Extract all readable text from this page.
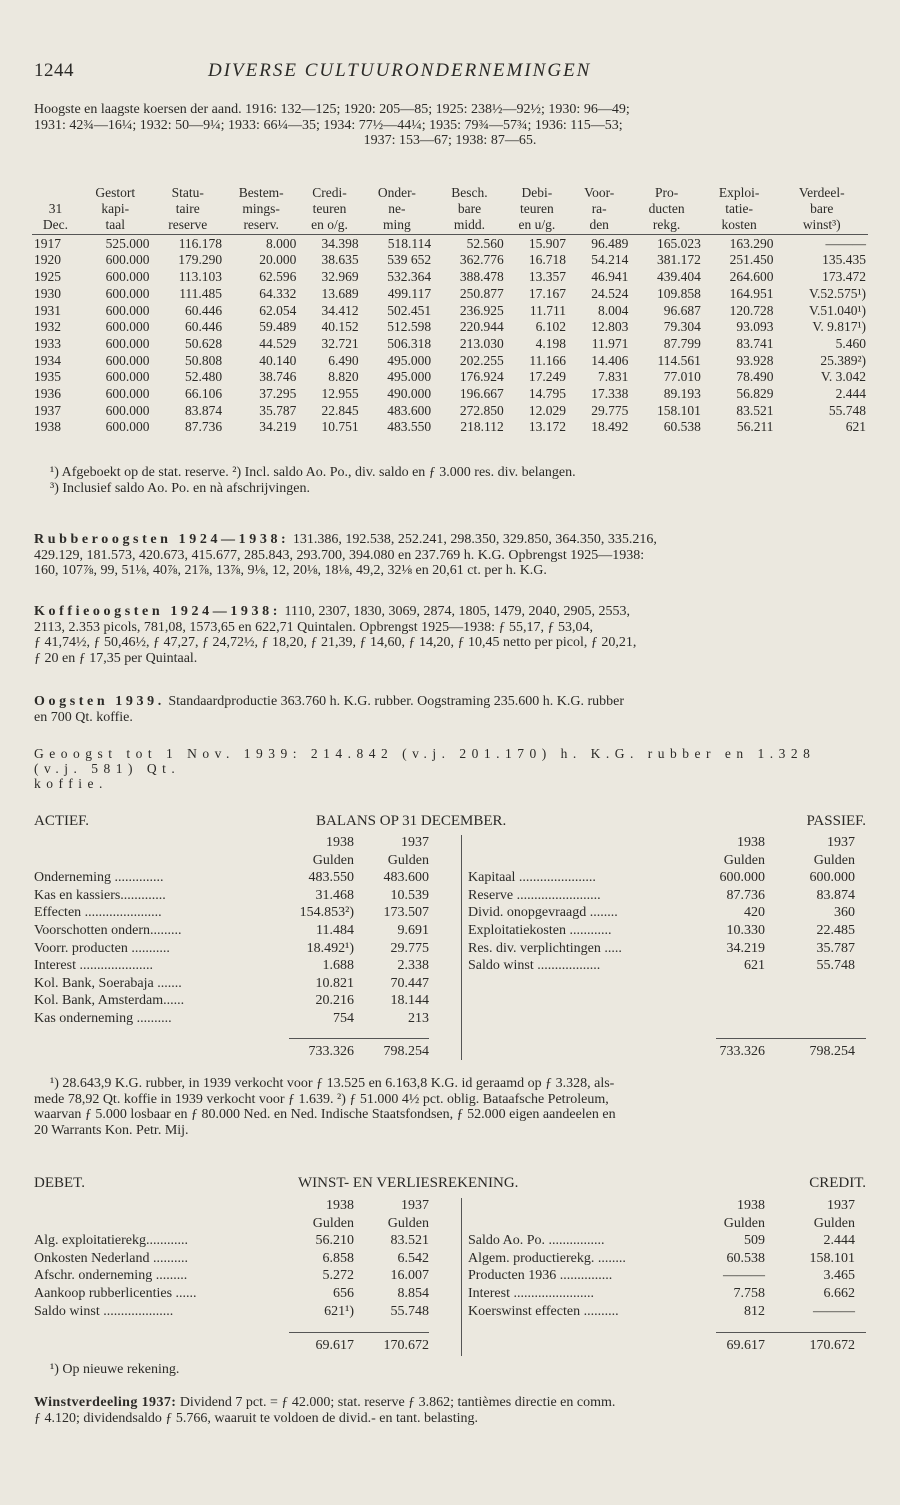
1244	DIVERSE CULTUURONDERNEMINGEN
Hoogste en laagste koersen der aand. 1916: 132—125; 1920: 205—85; 1925: 238½—92½; 1930: 96—49;
1931: 42¾—16¼; 1932: 50—9¼; 1933: 66¼—35; 1934: 77½—44¼; 1935: 79¾—57¾; 1936: 115—53;
1937: 153—67; 1938: 87—65.
	Gestort	Statu-	Bestem-	Credi-	Onder-	Besch.	Debi-	Voor-	Pro-	Exploi-	Verdeel-
31	kapi-	taire	mings-	teuren	ne-	bare	teuren	ra-	ducten	tatie-	bare
Dec.	taal	reserve	reserv.	en o/g.	ming	midd.	en u/g.	den	rekg.	kosten	winst³)
1917	525.000	116.178	8.000	34.398	518.114	52.560	15.907	96.489	165.023	163.290	———
1920	600.000	179.290	20.000	38.635	539 652	362.776	16.718	54.214	381.172	251.450	135.435
1925	600.000	113.103	62.596	32.969	532.364	388.478	13.357	46.941	439.404	264.600	173.472
1930	600.000	111.485	64.332	13.689	499.117	250.877	17.167	24.524	109.858	164.951	V.52.575¹)
1931	600.000	60.446	62.054	34.412	502.451	236.925	11.711	8.004	96.687	120.728	V.51.040¹)
1932	600.000	60.446	59.489	40.152	512.598	220.944	6.102	12.803	79.304	93.093	V. 9.817¹)
1933	600.000	50.628	44.529	32.721	506.318	213.030	4.198	11.971	87.799	83.741	5.460
1934	600.000	50.808	40.140	6.490	495.000	202.255	11.166	14.406	114.561	93.928	25.389²)
1935	600.000	52.480	38.746	8.820	495.000	176.924	17.249	7.831	77.010	78.490	V. 3.042
1936	600.000	66.106	37.295	12.955	490.000	196.667	14.795	17.338	89.193	56.829	2.444
1937	600.000	83.874	35.787	22.845	483.600	272.850	12.029	29.775	158.101	83.521	55.748
1938	600.000	87.736	34.219	10.751	483.550	218.112	13.172	18.492	60.538	56.211	621
¹) Afgeboekt op de stat. reserve. ²) Incl. saldo Ao. Po., div. saldo en ƒ 3.000 res. div. belangen.
³) Inclusief saldo Ao. Po. en nà afschrijvingen.
Rubberoogsten 1924—1938: 131.386, 192.538, 252.241, 298.350, 329.850, 364.350, 335.216,
429.129, 181.573, 420.673, 415.677, 285.843, 293.700, 394.080 en 237.769 h. K.G. Opbrengst 1925—1938:
160, 107⅞, 99, 51⅛, 40⅞, 21⅞, 13⅞, 9⅛, 12, 20⅛, 18⅛, 49,2, 32⅛ en 20,61 ct. per h. K.G.
Koffieoogsten 1924—1938: 1110, 2307, 1830, 3069, 2874, 1805, 1479, 2040, 2905, 2553,
2113, 2.353 picols, 781,08, 1573,65 en 622,71 Quintalen. Opbrengst 1925—1938: ƒ 55,17, ƒ 53,04,
ƒ 41,74½, ƒ 50,46½, ƒ 47,27, ƒ 24,72½, ƒ 18,20, ƒ 21,39, ƒ 14,60, ƒ 14,20, ƒ 10,45 netto per picol, ƒ 20,21,
ƒ 20 en ƒ 17,35 per Quintaal.
Oogsten 1939. Standaardproductie 363.760 h. K.G. rubber. Oogstraming 235.600 h. K.G. rubber
en 700 Qt. koffie.
Geoogst tot 1 Nov. 1939: 214.842 (v.j. 201.170) h. K.G. rubber en 1.328 (v.j. 581) Qt.
koffie.
ACTIEF.	BALANS OP 31 DECEMBER.	PASSIEF.
1938	1937
Gulden	Gulden
Onderneming ..............	483.550	483.600
Kas en kassiers.............	31.468	10.539
Effecten ......................	154.853²)	173.507
Voorschotten ondern.........	11.484	9.691
Voorr. producten ...........	18.492¹)	29.775
Interest .....................	1.688	2.338
Kol. Bank, Soerabaja .......	10.821	70.447
Kol. Bank, Amsterdam......	20.216	18.144
Kas onderneming ..........	754	213
733.326	798.254
1938	1937
Gulden	Gulden
Kapitaal ......................	600.000	600.000
Reserve ........................	87.736	83.874
Divid. onopgevraagd ........	420	360
Exploitatiekosten ............	10.330	22.485
Res. div. verplichtingen .....	34.219	35.787
Saldo winst ..................	621	55.748
733.326	798.254
¹) 28.643,9 K.G. rubber, in 1939 verkocht voor ƒ 13.525 en 6.163,8 K.G. id geraamd op ƒ 3.328, als-
mede 78,92 Qt. koffie in 1939 verkocht voor ƒ 1.639. ²) ƒ 51.000 4½ pct. oblig. Bataafsche Petroleum,
waarvan ƒ 5.000 losbaar en ƒ 80.000 Ned. en Ned. Indische Staatsfondsen, ƒ 52.000 eigen aandeelen en
20 Warrants Kon. Petr. Mij.
DEBET.	WINST- EN VERLIESREKENING.	CREDIT.
1938	1937
Gulden	Gulden
Alg. exploitatierekg............	56.210	83.521
Onkosten Nederland ..........	6.858	6.542
Afschr. onderneming .........	5.272	16.007
Aankoop rubberlicenties ......	656	8.854
Saldo winst ....................	621¹)	55.748
69.617	170.672
1938	1937
Gulden	Gulden
Saldo Ao. Po. ................	509	2.444
Algem. productierekg. ........	60.538	158.101
Producten 1936 ...............	———	3.465
Interest .......................	7.758	6.662
Koerswinst effecten ..........	812	———
69.617	170.672
¹) Op nieuwe rekening.
Winstverdeeling 1937: Dividend 7 pct. = ƒ 42.000; stat. reserve ƒ 3.862; tantièmes directie en comm.
ƒ 4.120; dividendsaldo ƒ 5.766, waaruit te voldoen de divid.- en tant. belasting.
